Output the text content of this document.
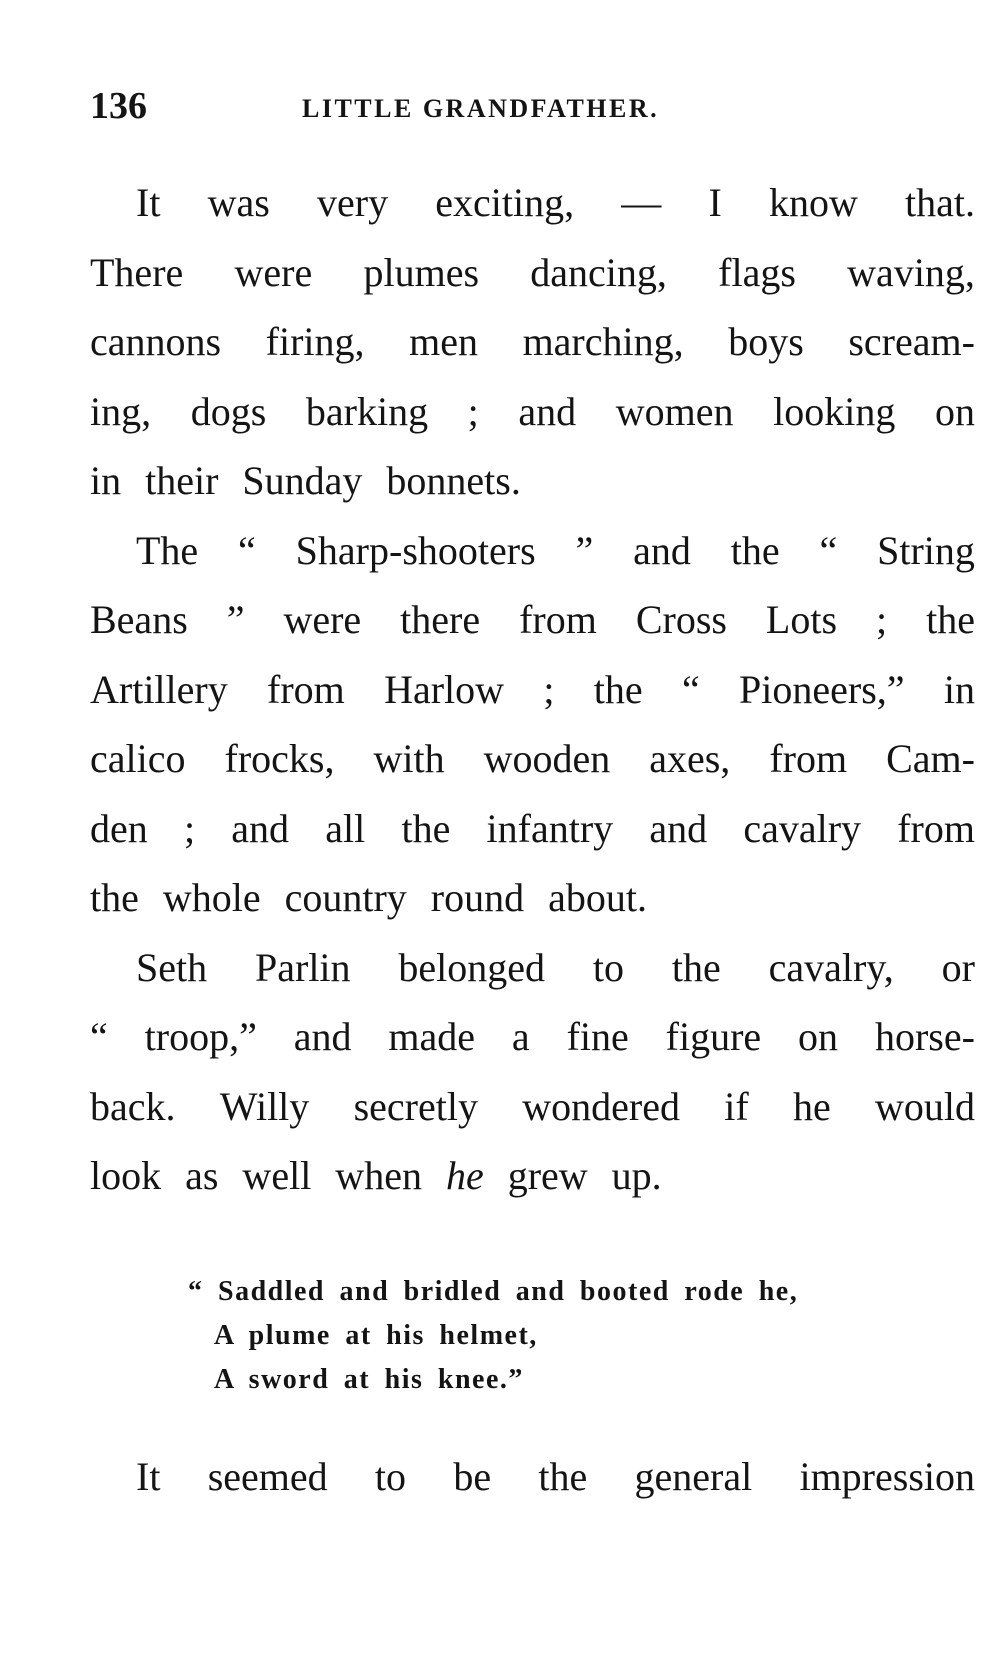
136	LITTLE GRANDFATHER.
It was very exciting, — I know that.
There were plumes dancing, flags waving,
cannons firing, men marching, boys scream-
ing, dogs barking ; and women looking on
in their Sunday bonnets.
The “ Sharp-shooters ” and the “ String
Beans ” were there from Cross Lots ; the
Artillery from Harlow ; the “ Pioneers,” in
calico frocks, with wooden axes, from Cam-
den ; and all the infantry and cavalry from
the whole country round about.
Seth Parlin belonged to the cavalry, or
“ troop,” and made a fine figure on horse-
back. Willy secretly wondered if he would
look as well when
he
grew up.
“ Saddled and bridled and booted rode he,
A plume at his helmet,
A sword at his knee.”
It seemed to be the general impression
